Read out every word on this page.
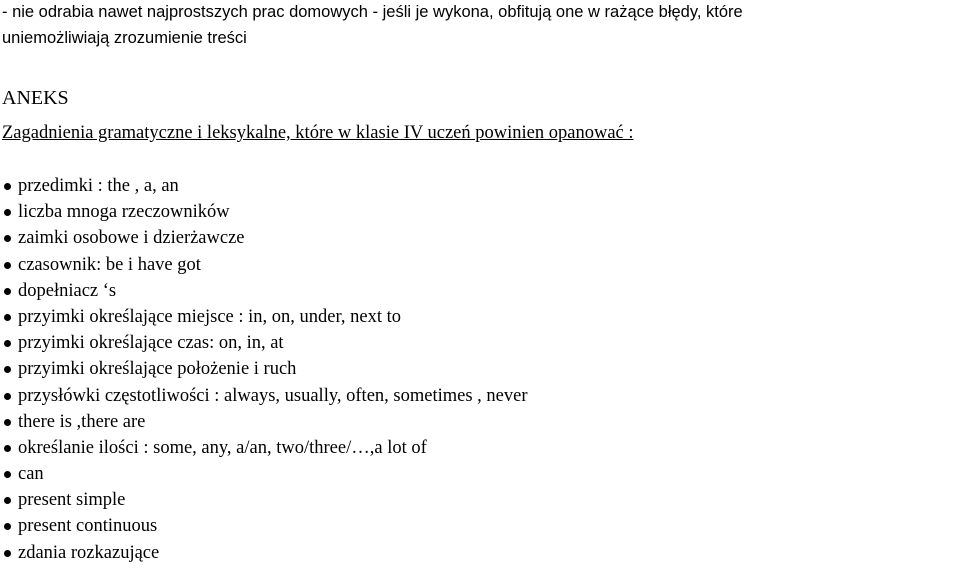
- nie odrabia nawet najprostszych prac domowych - jeśli je wykona, obfitują one w rażące błędy, które
uniemożliwiają zrozumienie treści
ANEKS
Zagadnienia gramatyczne i leksykalne, które w klasie IV uczeń powinien opanować :
przedimki : the , a, an
liczba mnoga rzeczowników
zaimki osobowe i dzierżawcze
czasownik: be i have got
dopełniacz ‘s
przyimki określające miejsce : in, on, under, next to
przyimki określające czas: on, in, at
przyimki określające położenie i ruch
przysłówki częstotliwości : always, usually, often, sometimes , never
there is ,there are
określanie ilości : some, any, a/an, two/three/…,a lot of
can
present simple
present continuous
zdania rozkazujące
